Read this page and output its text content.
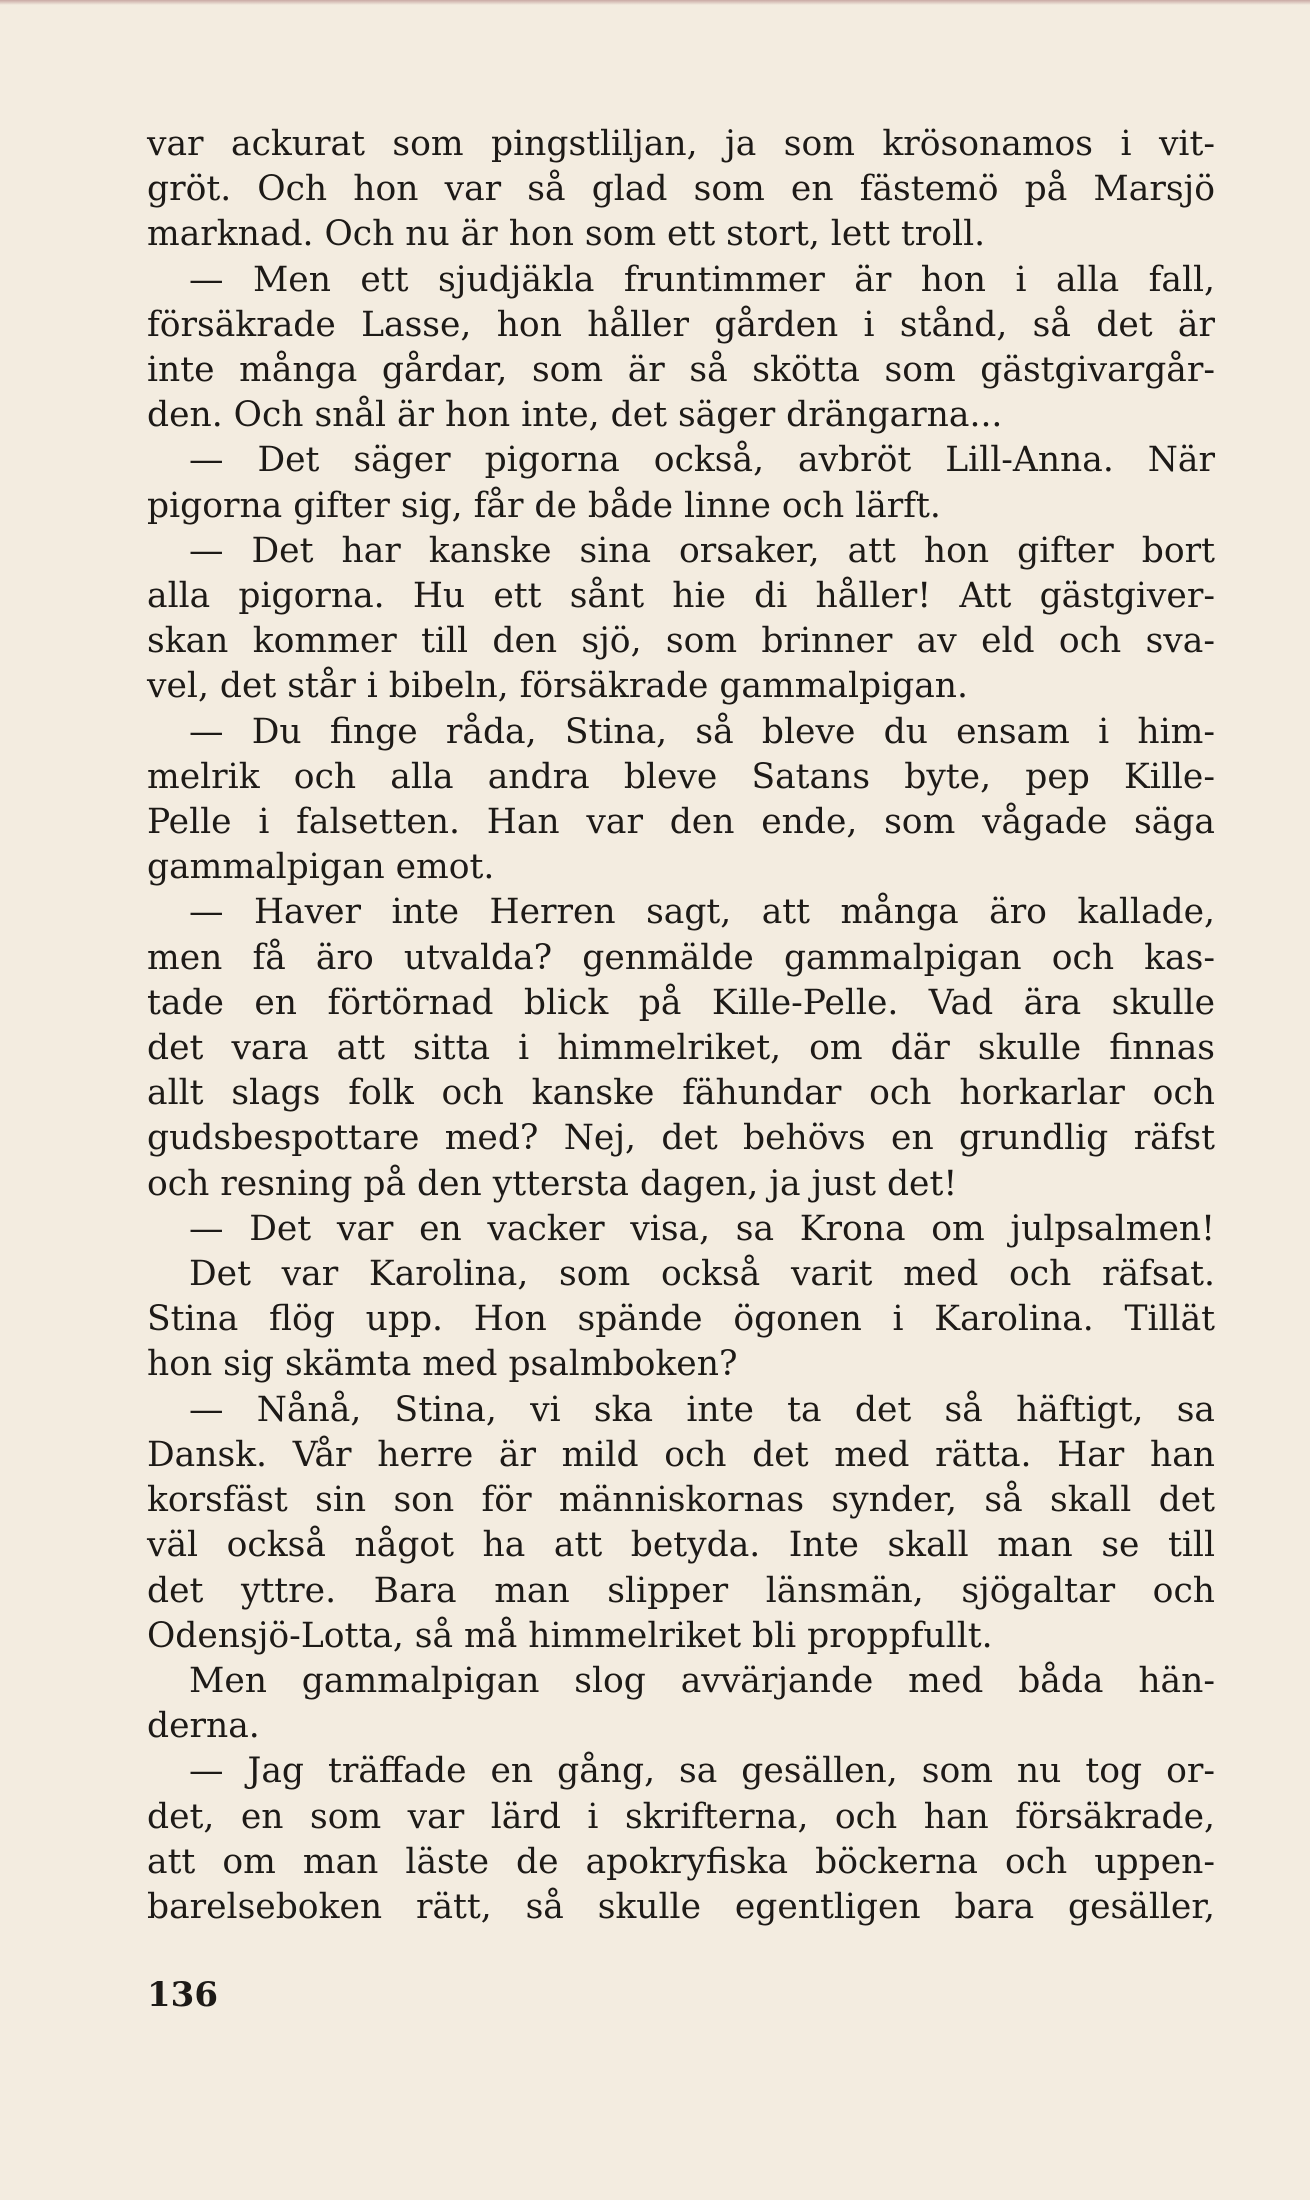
var ackurat som pingstliljan, ja som krösonamos i vit-
gröt. Och hon var så glad som en fästemö på Marsjö
marknad. Och nu är hon som ett stort, lett troll.
— Men ett sjudjäkla fruntimmer är hon i alla fall,
försäkrade Lasse, hon håller gården i stånd, så det är
inte många gårdar, som är så skötta som gästgivargår-
den. Och snål är hon inte, det säger drängarna...
— Det säger pigorna också, avbröt Lill-Anna. När
pigorna gifter sig, får de både linne och lärft.
— Det har kanske sina orsaker, att hon gifter bort
alla pigorna. Hu ett sånt hie di håller! Att gästgiver-
skan kommer till den sjö, som brinner av eld och sva-
vel, det står i bibeln, försäkrade gammalpigan.
— Du finge råda, Stina, så bleve du ensam i him-
melrik och alla andra bleve Satans byte, pep Kille-
Pelle i falsetten. Han var den ende, som vågade säga
gammalpigan emot.
— Haver inte Herren sagt, att många äro kallade,
men få äro utvalda? genmälde gammalpigan och kas-
tade en förtörnad blick på Kille-Pelle. Vad ära skulle
det vara att sitta i himmelriket, om där skulle finnas
allt slags folk och kanske fähundar och horkarlar och
gudsbespottare med? Nej, det behövs en grundlig räfst
och resning på den yttersta dagen, ja just det!
— Det var en vacker visa, sa Krona om julpsalmen!
Det var Karolina, som också varit med och räfsat.
Stina flög upp. Hon spände ögonen i Karolina. Tillät
hon sig skämta med psalmboken?
— Nånå, Stina, vi ska inte ta det så häftigt, sa
Dansk. Vår herre är mild och det med rätta. Har han
korsfäst sin son för människornas synder, så skall det
väl också något ha att betyda. Inte skall man se till
det yttre. Bara man slipper länsmän, sjögaltar och
Odensjö-Lotta, så må himmelriket bli proppfullt.
Men gammalpigan slog avvärjande med båda hän-
derna.
— Jag träffade en gång, sa gesällen, som nu tog or-
det, en som var lärd i skrifterna, och han försäkrade,
att om man läste de apokryfiska böckerna och uppen-
barelseboken rätt, så skulle egentligen bara gesäller,
136
